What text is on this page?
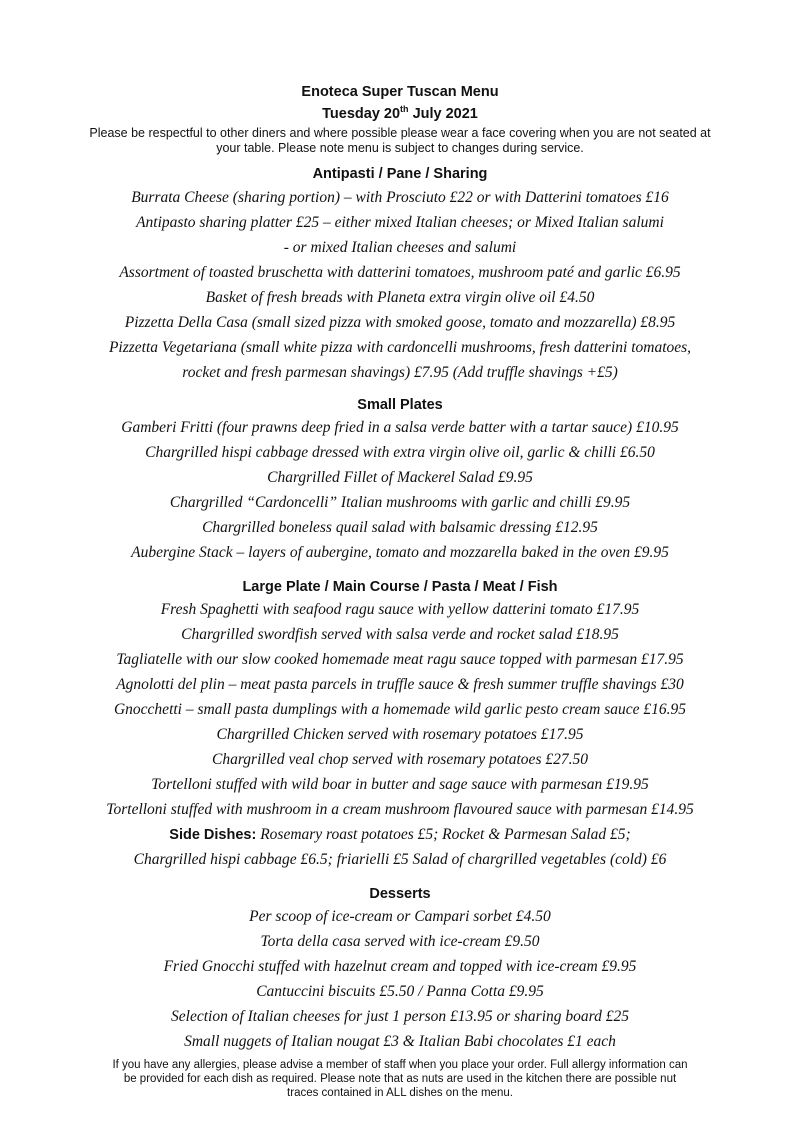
Enoteca Super Tuscan Menu
Tuesday 20th July 2021
Please be respectful to other diners and where possible please wear a face covering when you are not seated at
your table. Please note menu is subject to changes during service.
Antipasti / Pane / Sharing
Burrata Cheese (sharing portion) – with Prosciuto £22 or with Datterini tomatoes £16
Antipasto sharing platter £25 – either mixed Italian cheeses; or Mixed Italian salumi
- or mixed Italian cheeses and salumi
Assortment of toasted bruschetta with datterini tomatoes, mushroom paté and garlic £6.95
Basket of fresh breads with Planeta extra virgin olive oil £4.50
Pizzetta Della Casa (small sized pizza with smoked goose, tomato and mozzarella) £8.95
Pizzetta Vegetariana (small white pizza with cardoncelli mushrooms, fresh datterini tomatoes,
rocket and fresh parmesan shavings) £7.95 (Add truffle shavings +£5)
Small Plates
Gamberi Fritti (four prawns deep fried in a salsa verde batter with a tartar sauce) £10.95
Chargrilled hispi cabbage dressed with extra virgin olive oil, garlic & chilli £6.50
Chargrilled Fillet of Mackerel Salad £9.95
Chargrilled “Cardoncelli” Italian mushrooms with garlic and chilli £9.95
Chargrilled boneless quail salad with balsamic dressing £12.95
Aubergine Stack – layers of aubergine, tomato and mozzarella baked in the oven £9.95
Large Plate / Main Course / Pasta / Meat / Fish
Fresh Spaghetti with seafood ragu sauce with yellow datterini tomato £17.95
Chargrilled swordfish served with salsa verde and rocket salad £18.95
Tagliatelle with our slow cooked homemade meat ragu sauce topped with parmesan £17.95
Agnolotti del plin – meat pasta parcels in truffle sauce & fresh summer truffle shavings £30
Gnocchetti – small pasta dumplings with a homemade wild garlic pesto cream sauce £16.95
Chargrilled Chicken served with rosemary potatoes £17.95
Chargrilled veal chop served with rosemary potatoes £27.50
Tortelloni stuffed with wild boar in butter and sage sauce with parmesan £19.95
Tortelloni stuffed with mushroom in a cream mushroom flavoured sauce with parmesan £14.95
Side Dishes: Rosemary roast potatoes £5; Rocket & Parmesan Salad £5;
Chargrilled hispi cabbage £6.5; friarielli £5 Salad of chargrilled vegetables (cold) £6
Desserts
Per scoop of ice-cream or Campari sorbet £4.50
Torta della casa served with ice-cream £9.50
Fried Gnocchi stuffed with hazelnut cream and topped with ice-cream £9.95
Cantuccini biscuits £5.50 / Panna Cotta £9.95
Selection of Italian cheeses for just 1 person £13.95 or sharing board £25
Small nuggets of Italian nougat £3 & Italian Babi chocolates £1 each
If you have any allergies, please advise a member of staff when you place your order. Full allergy information can
be provided for each dish as required. Please note that as nuts are used in the kitchen there are possible nut
traces contained in ALL dishes on the menu.
